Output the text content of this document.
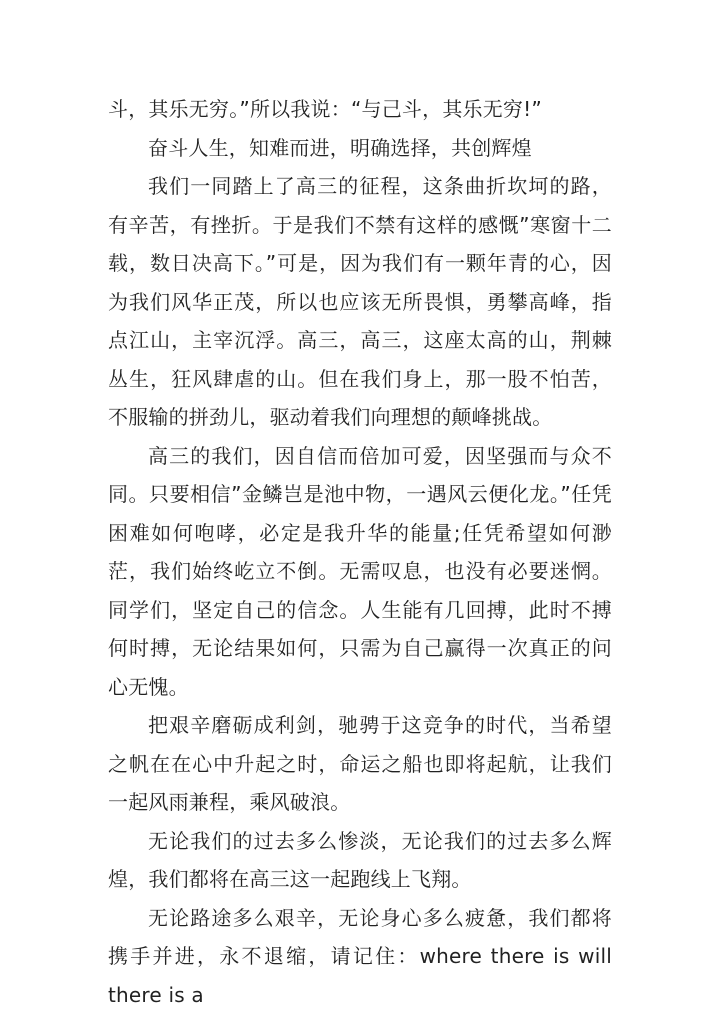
斗，其乐无穷。”所以我说：“与己斗，其乐无穷!”

奋斗人生，知难而进，明确选择，共创辉煌

我们一同踏上了高三的征程，这条曲折坎坷的路，有辛苦，有挫折。于是我们不禁有这样的感慨”寒窗十二载，数日决高下。”可是，因为我们有一颗年青的心，因为我们风华正茂，所以也应该无所畏惧，勇攀高峰，指点江山，主宰沉浮。高三，高三，这座太高的山，荆棘丛生，狂风肆虐的山。但在我们身上，那一股不怕苦，不服输的拼劲儿，驱动着我们向理想的颠峰挑战。

高三的我们，因自信而倍加可爱，因坚强而与众不同。只要相信”金鳞岂是池中物，一遇风云便化龙。”任凭困难如何咆哮，必定是我升华的能量;任凭希望如何渺茫，我们始终屹立不倒。无需叹息，也没有必要迷惘。同学们，坚定自己的信念。人生能有几回搏，此时不搏何时搏，无论结果如何，只需为自己赢得一次真正的问心无愧。

把艰辛磨砺成利剑，驰骋于这竞争的时代，当希望之帆在在心中升起之时，命运之船也即将起航，让我们一起风雨兼程，乘风破浪。

无论我们的过去多么惨淡，无论我们的过去多么辉煌，我们都将在高三这一起跑线上飞翔。

无论路途多么艰辛，无论身心多么疲惫，我们都将携手并进，永不退缩，请记住：where there is will there is a
